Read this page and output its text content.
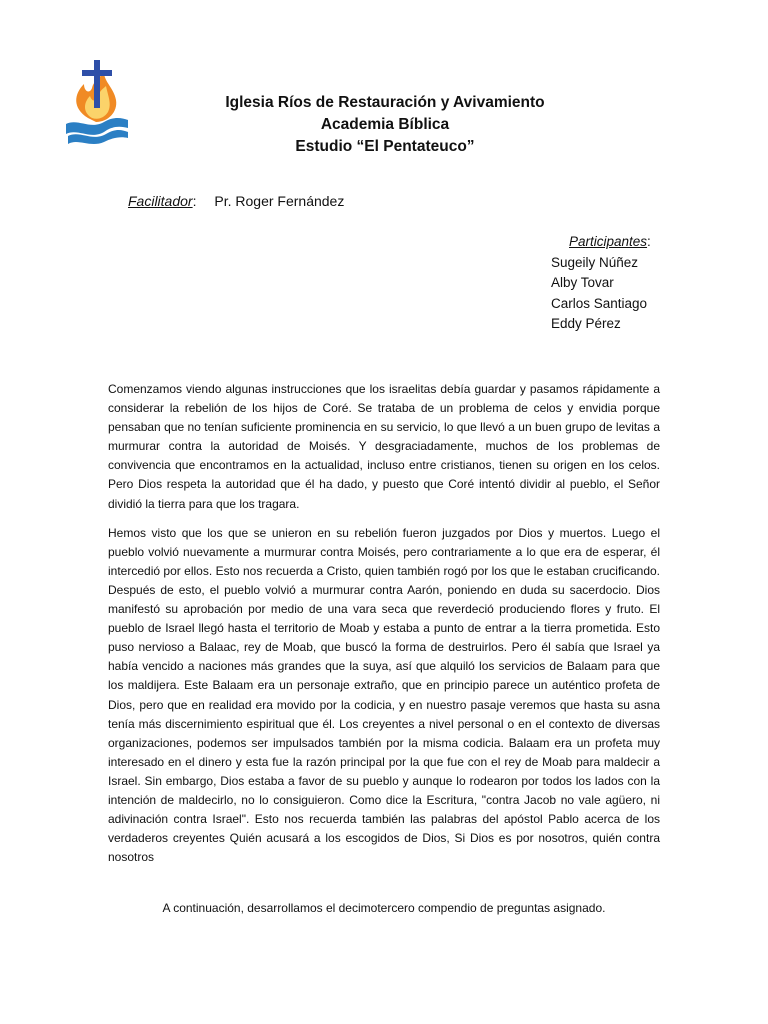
Iglesia Ríos de Restauración y Avivamiento
Academia Bíblica
Estudio “El Pentateuco”
Facilitador: Pr. Roger Fernández
Participantes:
Sugeily Núñez
Alby Tovar
Carlos Santiago
Eddy Pérez

Comenzamos viendo algunas instrucciones que los israelitas debía guardar y pasamos rápidamente a considerar la rebelión de los hijos de Coré. Se trataba de un problema de celos y envidia porque pensaban que no tenían suficiente prominencia en su servicio, lo que llevó a un buen grupo de levitas a murmurar contra la autoridad de Moisés. Y desgraciadamente, muchos de los problemas de convivencia que encontramos en la actualidad, incluso entre cristianos, tienen su origen en los celos. Pero Dios respeta la autoridad que él ha dado, y puesto que Coré intentó dividir al pueblo, el Señor dividió la tierra para que los tragara.

Hemos visto que los que se unieron en su rebelión fueron juzgados por Dios y muertos. Luego el pueblo volvió nuevamente a murmurar contra Moisés, pero contrariamente a lo que era de esperar, él intercedió por ellos. Esto nos recuerda a Cristo, quien también rogó por los que le estaban crucificando. Después de esto, el pueblo volvió a murmurar contra Aarón, poniendo en duda su sacerdocio. Dios manifestó su aprobación por medio de una vara seca que reverdeció produciendo flores y fruto. El pueblo de Israel llegó hasta el territorio de Moab y estaba a punto de entrar a la tierra prometida. Esto puso nervioso a Balaac, rey de Moab, que buscó la forma de destruirlos. Pero él sabía que Israel ya había vencido a naciones más grandes que la suya, así que alquiló los servicios de Balaam para que los maldijera. Este Balaam era un personaje extraño, que en principio parece un auténtico profeta de Dios, pero que en realidad era movido por la codicia, y en nuestro pasaje veremos que hasta su asna tenía más discernimiento espiritual que él. Los creyentes a nivel personal o en el contexto de diversas organizaciones, podemos ser impulsados también por la misma codicia. Balaam era un profeta muy interesado en el dinero y esta fue la razón principal por la que fue con el rey de Moab para maldecir a Israel. Sin embargo, Dios estaba a favor de su pueblo y aunque lo rodearon por todos los lados con la intención de maldecirlo, no lo consiguieron. Como dice la Escritura, "contra Jacob no vale agüero, ni adivinación contra Israel". Esto nos recuerda también las palabras del apóstol Pablo acerca de los verdaderos creyentes Quién acusará a los escogidos de Dios, Si Dios es por nosotros, quién contra nosotros

A continuación, desarrollamos el decimotercero compendio de preguntas asignado.
